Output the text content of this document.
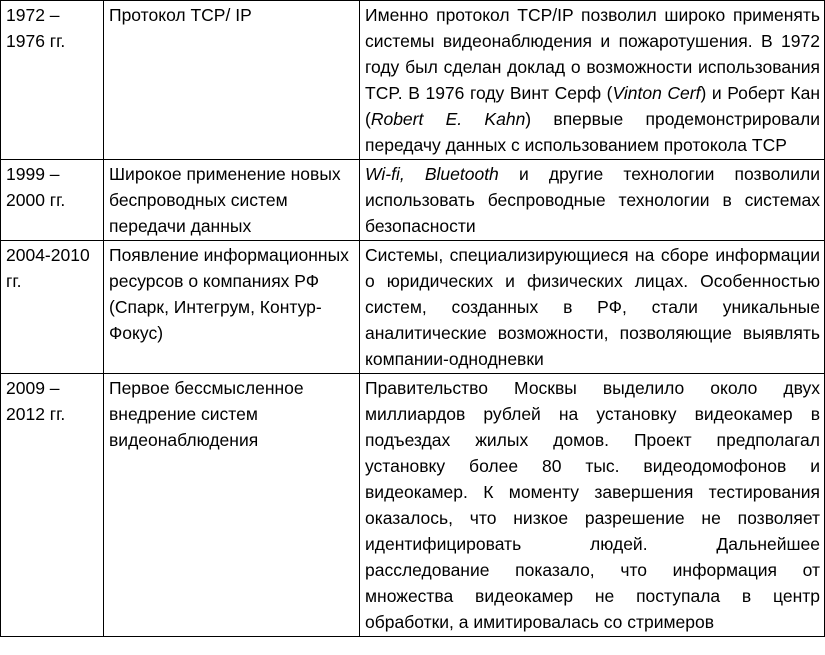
1972 – 1976 гг.	Протокол TCP/ IP	Именно протокол TCP/IP позволил широко применять системы видеонаблюдения и пожаротушения. В 1972 году был сделан доклад о возможности использования TCP. В 1976 году Винт Серф (Vinton Cerf) и Роберт Кан (Robert E. Kahn) впервые продемонстрировали передачу данных с использованием протокола TCP
1999 – 2000 гг.	Широкое применение новых беспроводных систем передачи данных	Wi-fi, Bluetooth и другие технологии позволили использовать беспроводные технологии в системах безопасности
2004-2010 гг.	Появление информационных ресурсов о компаниях РФ (Спарк, Интегрум, Контур-Фокус)	Системы, специализирующиеся на сборе информации о юридических и физических лицах. Особенностью систем, созданных в РФ, стали уникальные аналитические возможности, позволяющие выявлять компании-однодневки
2009 – 2012 гг.	Первое бессмысленное внедрение систем видеонаблюдения	Правительство Москвы выделило около двух миллиардов рублей на установку видеокамер в подъездах жилых домов. Проект предполагал установку более 80 тыс. видеодомофонов и видеокамер. К моменту завершения тестирования оказалось, что низкое разрешение не позволяет идентифицировать людей. Дальнейшее расследование показало, что информация от множества видеокамер не поступала в центр обработки, а имитировалась со стримеров
